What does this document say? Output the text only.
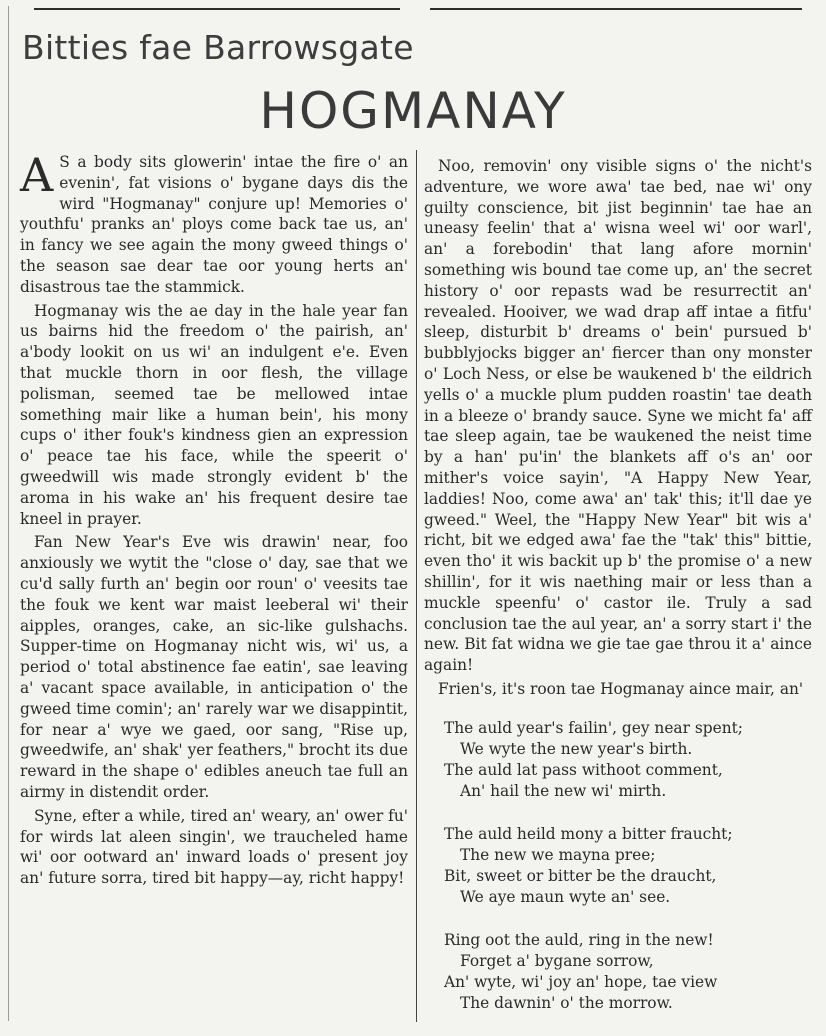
Bitties fae Barrowsgate
HOGMANAY

A S a body sits glowerin' intae the fire o' an evenin', fat visions o' bygane days dis the wird "Hogmanay" conjure up! Memories o' youthfu' pranks an' ploys come back tae us, an' in fancy we see again the mony gweed things o' the season sae dear tae oor young herts an' disastrous tae the stammick.

Hogmanay wis the ae day in the hale year fan us bairns hid the freedom o' the pairish, an' a'body lookit on us wi' an indulgent e'e. Even that muckle thorn in oor flesh, the village polisman, seemed tae be mellowed intae something mair like a human bein', his mony cups o' ither fouk's kindness gien an expression o' peace tae his face, while the speerit o' gweedwill wis made strongly evident b' the aroma in his wake an' his frequent desire tae kneel in prayer.

Fan New Year's Eve wis drawin' near, foo anxiously we wytit the "close o' day, sae that we cu'd sally furth an' begin oor roun' o' veesits tae the fouk we kent war maist leeberal wi' their aipples, oranges, cake, an sic-like gulshachs. Supper-time on Hogmanay nicht wis, wi' us, a period o' total abstinence fae eatin', sae leaving a' vacant space available, in anticipation o' the gweed time comin'; an' rarely war we disappintit, for near a' wye we gaed, oor sang, "Rise up, gweedwife, an' shak' yer feathers," brocht its due reward in the shape o' edibles aneuch tae full an airmy in distendit order.

Syne, efter a while, tired an' weary, an' ower fu' for wirds lat aleen singin', we traucheled hame wi' oor ootward an' inward loads o' present joy an' future sorra, tired bit happy—ay, richt happy!

Noo, removin' ony visible signs o' the nicht's adventure, we wore awa' tae bed, nae wi' ony guilty conscience, bit jist beginnin' tae hae an uneasy feelin' that a' wisna weel wi' oor warl', an' a forebodin' that lang afore mornin' something wis bound tae come up, an' the secret history o' oor repasts wad be resurrectit an' revealed. Hooiver, we wad drap aff intae a fitfu' sleep, disturbit b' dreams o' bein' pursued b' bubblyjocks bigger an' fiercer than ony monster o' Loch Ness, or else be waukened b' the eildrich yells o' a muckle plum pudden roastin' tae death in a bleeze o' brandy sauce. Syne we micht fa' aff tae sleep again, tae be waukened the neist time by a han' pu'in' the blankets aff o's an' oor mither's voice sayin', "A Happy New Year, laddies! Noo, come awa' an' tak' this; it'll dae ye gweed." Weel, the "Happy New Year" bit wis a' richt, bit we edged awa' fae the "tak' this" bittie, even tho' it wis backit up b' the promise o' a new shillin', for it wis naething mair or less than a muckle speenfu' o' castor ile. Truly a sad conclusion tae the aul year, an' a sorry start i' the new. Bit fat widna we gie tae gae throu it a' aince again!

Frien's, it's roon tae Hogmanay aince mair, an'

The auld year's failin', gey near spent;
We wyte the new year's birth.
The auld lat pass withoot comment,
An' hail the new wi' mirth.
The auld heild mony a bitter fraucht;
The new we mayna pree;
Bit, sweet or bitter be the draucht,
We aye maun wyte an' see.
Ring oot the auld, ring in the new!
Forget a' bygane sorrow,
An' wyte, wi' joy an' hope, tae view
The dawnin' o' the morrow.
